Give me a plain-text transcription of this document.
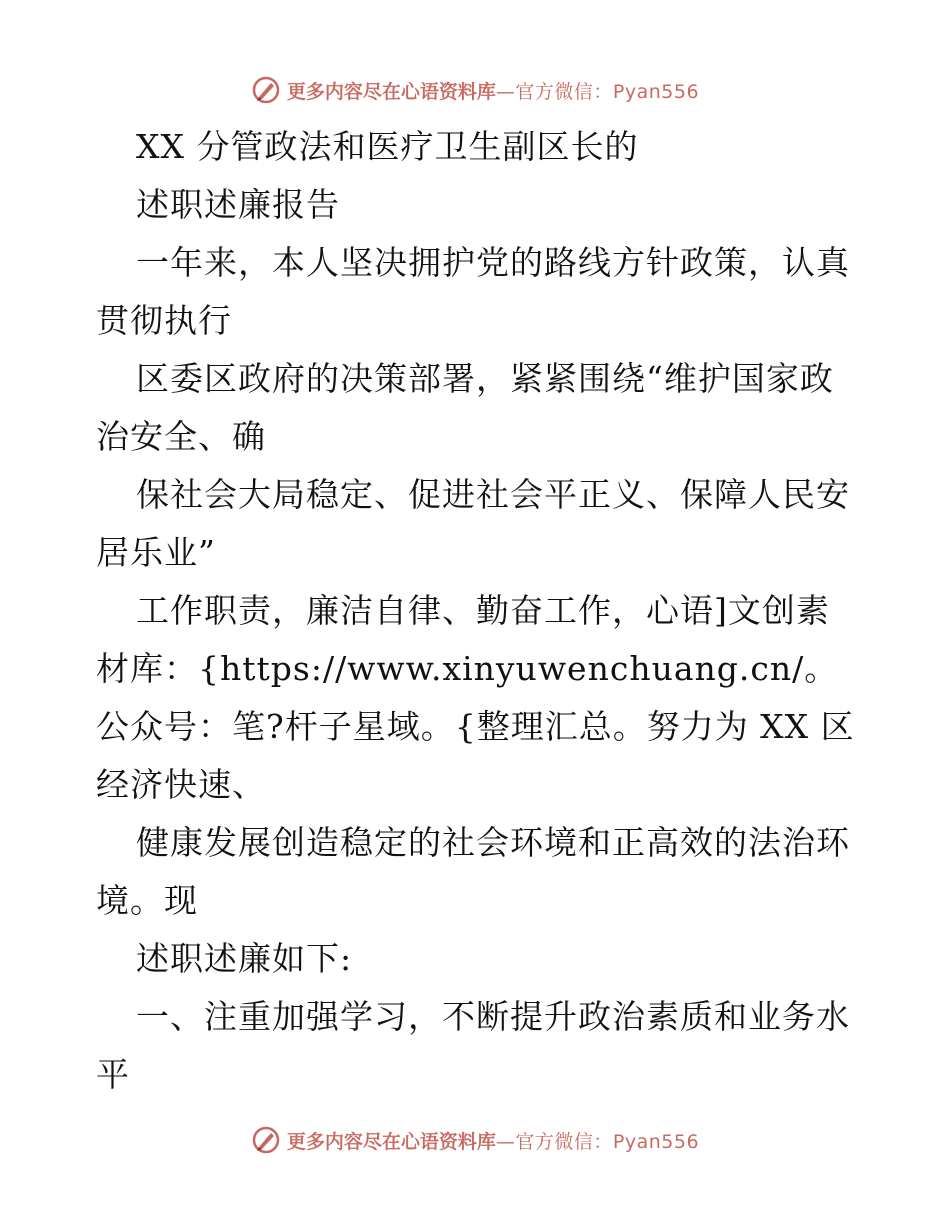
更多内容尽在心语资料库 —官方微信：Pyan556

XX 分管政法和医疗卫生副区长的

述职述廉报告

一年来，本人坚决拥护党的路线方针政策，认真贯彻执行

区委区政府的决策部署，紧紧围绕“维护国家政治安全、确

保社会大局稳定、促进社会平正义、保障人民安居乐业”

工作职责，廉洁自律、勤奋工作，心语]文创素材库：{https://www.xinyuwenchuang.cn/。公众号：笔?杆子星域。{整理汇总。努力为 XX 区经济快速、

健康发展创造稳定的社会环境和正高效的法治环境。现

述职述廉如下:

一、注重加强学习，不断提升政治素质和业务水平

更多内容尽在心语资料库 —官方微信：Pyan556
